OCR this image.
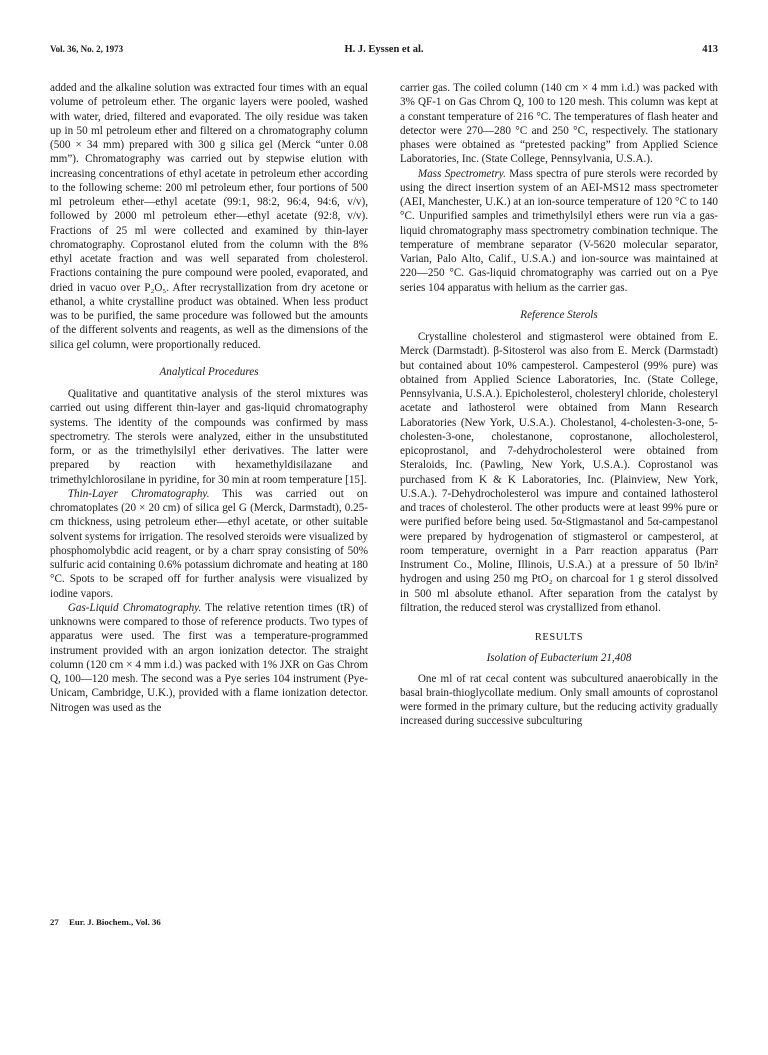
Vol. 36, No. 2, 1973	H. J. Eyssen et al.	413

added and the alkaline solution was extracted four times with an equal volume of petroleum ether. The organic layers were pooled, washed with water, dried, filtered and evaporated. The oily residue was taken up in 50 ml petroleum ether and filtered on a chromatography column (500 × 34 mm) prepared with 300 g silica gel (Merck “unter 0.08 mm”). Chromatography was carried out by stepwise elution with increasing concentrations of ethyl acetate in petroleum ether according to the following scheme: 200 ml petroleum ether, four portions of 500 ml petroleum ether—ethyl acetate (99:1, 98:2, 96:4, 94:6, v/v), followed by 2000 ml petroleum ether—ethyl acetate (92:8, v/v). Fractions of 25 ml were collected and examined by thin-layer chromatography. Coprostanol eluted from the column with the 8% ethyl acetate fraction and was well separated from cholesterol. Fractions containing the pure compound were pooled, evaporated, and dried in vacuo over P₂O₅. After recrystallization from dry acetone or ethanol, a white crystalline product was obtained. When less product was to be purified, the same procedure was followed but the amounts of the different solvents and reagents, as well as the dimensions of the silica gel column, were proportionally reduced.

Analytical Procedures

Qualitative and quantitative analysis of the sterol mixtures was carried out using different thin-layer and gas-liquid chromatography systems. The identity of the compounds was confirmed by mass spectrometry. The sterols were analyzed, either in the unsubstituted form, or as the trimethylsilyl ether derivatives. The latter were prepared by reaction with hexamethyldisilazane and trimethylchlorosilane in pyridine, for 30 min at room temperature [15].

Thin-Layer Chromatography. This was carried out on chromatoplates (20 × 20 cm) of silica gel G (Merck, Darmstadt), 0.25-cm thickness, using petroleum ether—ethyl acetate, or other suitable solvent systems for irrigation. The resolved steroids were visualized by phosphomolybdic acid reagent, or by a charr spray consisting of 50% sulfuric acid containing 0.6% potassium dichromate and heating at 180 °C. Spots to be scraped off for further analysis were visualized by iodine vapors.

Gas-Liquid Chromatography. The relative retention times (tR) of unknowns were compared to those of reference products. Two types of apparatus were used. The first was a temperature-programmed instrument provided with an argon ionization detector. The straight column (120 cm × 4 mm i.d.) was packed with 1% JXR on Gas Chrom Q, 100—120 mesh. The second was a Pye series 104 instrument (Pye-Unicam, Cambridge, U.K.), provided with a flame ionization detector. Nitrogen was used as the

carrier gas. The coiled column (140 cm × 4 mm i.d.) was packed with 3% QF-1 on Gas Chrom Q, 100 to 120 mesh. This column was kept at a constant temperature of 216 °C. The temperatures of flash heater and detector were 270—280 °C and 250 °C, respectively. The stationary phases were obtained as “pretested packing” from Applied Science Laboratories, Inc. (State College, Pennsylvania, U.S.A.).

Mass Spectrometry. Mass spectra of pure sterols were recorded by using the direct insertion system of an AEI-MS12 mass spectrometer (AEI, Manchester, U.K.) at an ion-source temperature of 120 °C to 140 °C. Unpurified samples and trimethylsilyl ethers were run via a gas-liquid chromatography mass spectrometry combination technique. The temperature of membrane separator (V-5620 molecular separator, Varian, Palo Alto, Calif., U.S.A.) and ion-source was maintained at 220—250 °C. Gas-liquid chromatography was carried out on a Pye series 104 apparatus with helium as the carrier gas.

Reference Sterols

Crystalline cholesterol and stigmasterol were obtained from E. Merck (Darmstadt). β-Sitosterol was also from E. Merck (Darmstadt) but contained about 10% campesterol. Campesterol (99% pure) was obtained from Applied Science Laboratories, Inc. (State College, Pennsylvania, U.S.A.). Epicholesterol, cholesteryl chloride, cholesteryl acetate and lathosterol were obtained from Mann Research Laboratories (New York, U.S.A.). Cholestanol, 4-cholesten-3-one, 5-cholesten-3-one, cholestanone, coprostanone, allocholesterol, epicoprostanol, and 7-dehydrocholesterol were obtained from Steraloids, Inc. (Pawling, New York, U.S.A.). Coprostanol was purchased from K & K Laboratories, Inc. (Plainview, New York, U.S.A.). 7-Dehydrocholesterol was impure and contained lathosterol and traces of cholesterol. The other products were at least 99% pure or were purified before being used. 5α-Stigmastanol and 5α-campestanol were prepared by hydrogenation of stigmasterol or campesterol, at room temperature, overnight in a Parr reaction apparatus (Parr Instrument Co., Moline, Illinois, U.S.A.) at a pressure of 50 lb/in² hydrogen and using 250 mg PtO₂ on charcoal for 1 g sterol dissolved in 500 ml absolute ethanol. After separation from the catalyst by filtration, the reduced sterol was crystallized from ethanol.

RESULTS
Isolation of Eubacterium 21,408

One ml of rat cecal content was subcultured anaerobically in the basal brain-thioglycollate medium. Only small amounts of coprostanol were formed in the primary culture, but the reducing activity gradually increased during successive subculturing

27 Eur. J. Biochem., Vol. 36
